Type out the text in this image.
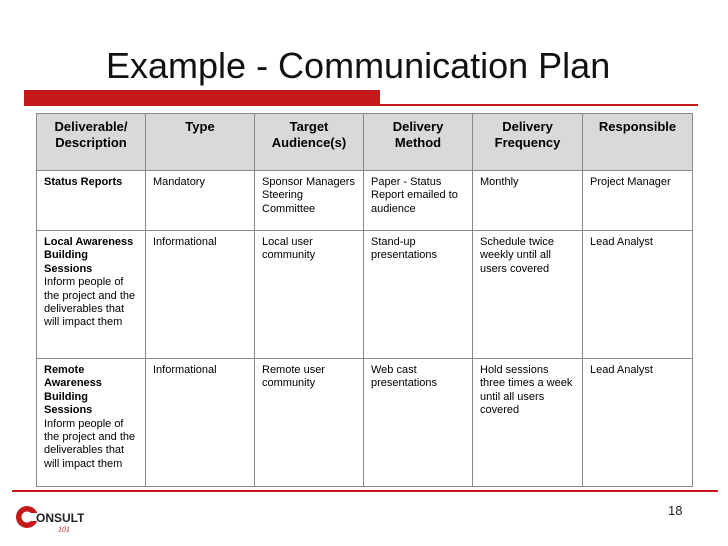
Example - Communication Plan
Deliverable/ Description	Type	Target Audience(s)	Delivery Method	Delivery Frequency	Responsible

Status Reports	Mandatory	Sponsor Managers Steering Committee	Paper - Status Report emailed to audience	Monthly	Project Manager

Local Awareness Building Sessions
Inform people of the project and the deliverables that will impact them	Informational	Local user community	Stand-up presentations	Schedule twice weekly until all users covered	Lead Analyst

Remote Awareness Building Sessions
Inform people of the project and the deliverables that will impact them	Informational	Remote user community	Web cast presentations	Hold sessions three times a week until all users covered	Lead Analyst
ONSULT
101
18
